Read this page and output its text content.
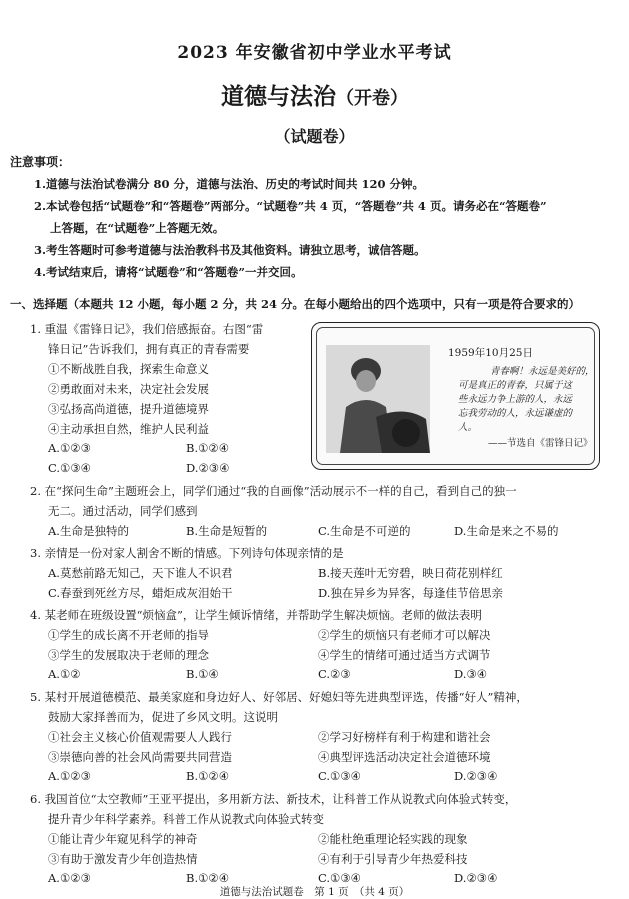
2023 年安徽省初中学业水平考试
道德与法治（开卷）
（试题卷）
注意事项：
1.道德与法治试卷满分 80 分，道德与法治、历史的考试时间共 120 分钟。
2.本试卷包括“试题卷”和“答题卷”两部分。“试题卷”共 4 页，“答题卷”共 4 页。请务必在“答题卷”
上答题，在“试题卷”上答题无效。
3.考生答题时可参考道德与法治教科书及其他资料。请独立思考，诚信答题。
4.考试结束后，请将“试题卷”和“答题卷”一并交回。
一、选择题（本题共 12 小题，每小题 2 分，共 24 分。在每小题给出的四个选项中，只有一项是符合要求的）
1. 重温《雷锋日记》，我们倍感振奋。右图“雷
锋日记”告诉我们，拥有真正的青春需要
①不断战胜自我，探索生命意义
②勇敢面对未来，决定社会发展
③弘扬高尚道德，提升道德境界
④主动承担自然，维护人民利益
A.①②③	B.①②④
C.①③④	D.②③④
1959年10月25日
青春啊！永远是美好的，
可是真正的青春，只属于这
些永远力争上游的人，永远
忘我劳动的人，永远谦虚的
人。
——节选自《雷锋日记》
2. 在“探问生命”主题班会上，同学们通过“我的自画像”活动展示不一样的自己，看到自己的独一
无二。通过活动，同学们感到
A.生命是独特的	B.生命是短暂的	C.生命是不可逆的	D.生命是来之不易的
3. 亲情是一份对家人割舍不断的情感。下列诗句体现亲情的是
A.莫愁前路无知己，天下谁人不识君	B.接天莲叶无穷碧，映日荷花别样红
C.春蚕到死丝方尽，蜡炬成灰泪始干	D.独在异乡为异客，每逢佳节倍思亲
4. 某老师在班级设置“烦恼盒”，让学生倾诉情绪，并帮助学生解决烦恼。老师的做法表明
①学生的成长离不开老师的指导	②学生的烦恼只有老师才可以解决
③学生的发展取决于老师的理念	④学生的情绪可通过适当方式调节
A.①②	B.①④	C.②③	D.③④
5. 某村开展道德模范、最美家庭和身边好人、好邻居、好媳妇等先进典型评选，传播“好人”精神，
鼓励大家择善而为，促进了乡风文明。这说明
①社会主义核心价值观需要人人践行	②学习好榜样有利于构建和谐社会
③崇德向善的社会风尚需要共同营造	④典型评选活动决定社会道德环境
A.①②③	B.①②④	C.①③④	D.②③④
6. 我国首位“太空教师”王亚平提出，多用新方法、新技术，让科普工作从说教式向体验式转变，
提升青少年科学素养。科普工作从说教式向体验式转变
①能让青少年窥见科学的神奇	②能杜绝重理论轻实践的现象
③有助于激发青少年创造热情	④有利于引导青少年热爱科技
A.①②③	B.①②④	C.①③④	D.②③④
道德与法治试题卷　第 1 页　（共 4 页）
